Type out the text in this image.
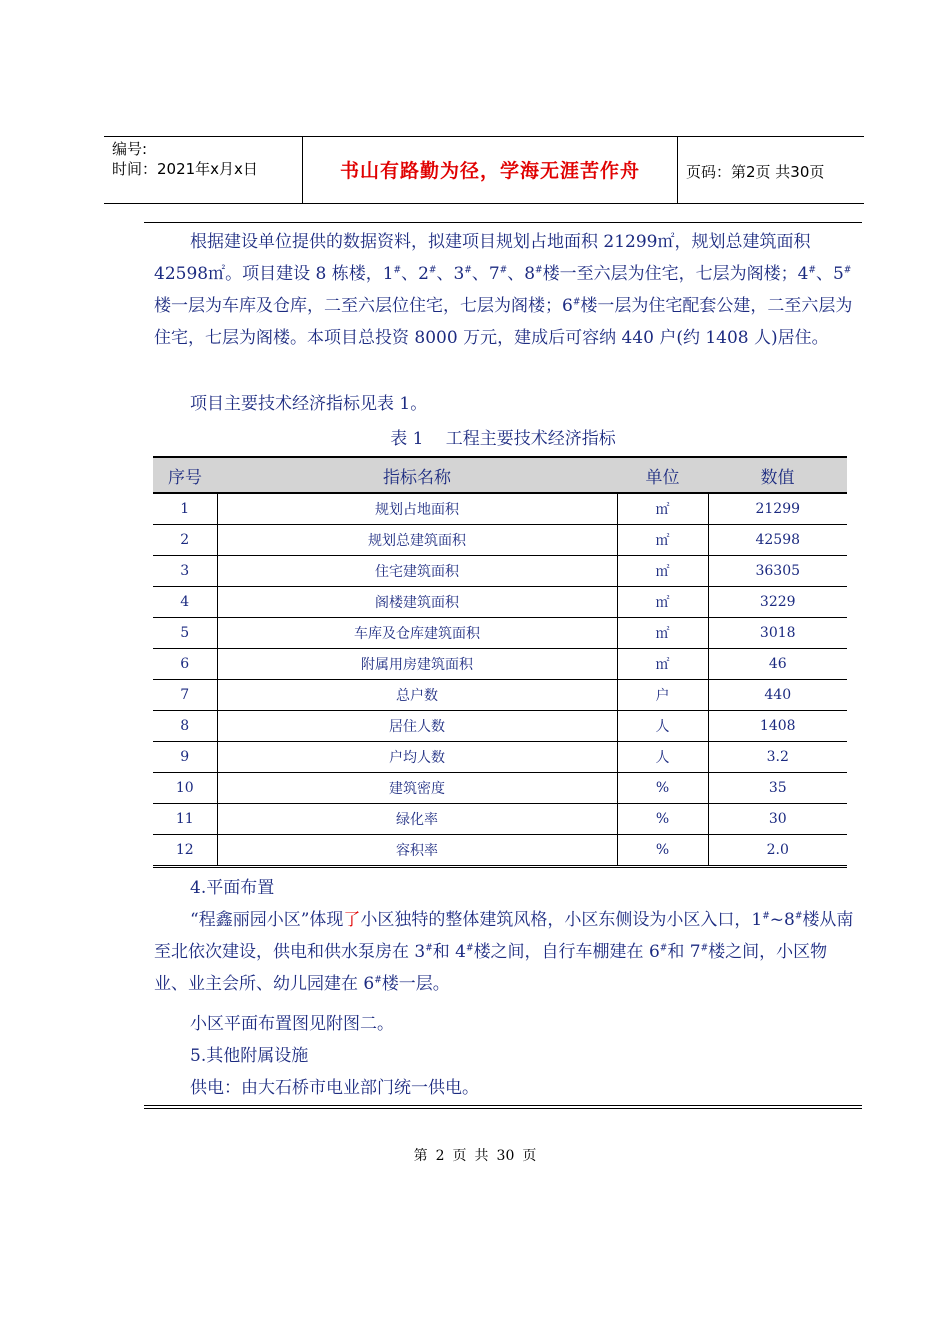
编号:
时间：2021年x月x日	书山有路勤为径，学海无涯苦作舟	页码：第2页 共30页

根据建设单位提供的数据资料，拟建项目规划占地面积 21299㎡，规划总建筑面积 42598㎡。项目建设 8 栋楼，1#、2#、3#、7#、8#楼一至六层为住宅，七层为阁楼；4#、5#楼一层为车库及仓库，二至六层位住宅，七层为阁楼；6#楼一层为住宅配套公建，二至六层为住宅，七层为阁楼。本项目总投资 8000 万元，建成后可容纳 440 户(约 1408 人)居住。

项目主要技术经济指标见表 1。

表 1　 工程主要技术经济指标
序号	指标名称	单位	数值
1	规划占地面积	㎡	21299
2	规划总建筑面积	㎡	42598
3	住宅建筑面积	㎡	36305
4	阁楼建筑面积	㎡	3229
5	车库及仓库建筑面积	㎡	3018
6	附属用房建筑面积	㎡	46
7	总户数	户	440
8	居住人数	人	1408
9	户均人数	人	3.2
10	建筑密度	%	35
11	绿化率	%	30
12	容积率	%	2.0

4.平面布置

“程鑫丽园小区”体现了小区独特的整体建筑风格，小区东侧设为小区入口，1#~8#楼从南至北依次建设，供电和供水泵房在 3#和 4#楼之间，自行车棚建在 6#和 7#楼之间，小区物业、业主会所、幼儿园建在 6#楼一层。

小区平面布置图见附图二。

5.其他附属设施

供电：由大石桥市电业部门统一供电。

第 2 页 共 30 页
